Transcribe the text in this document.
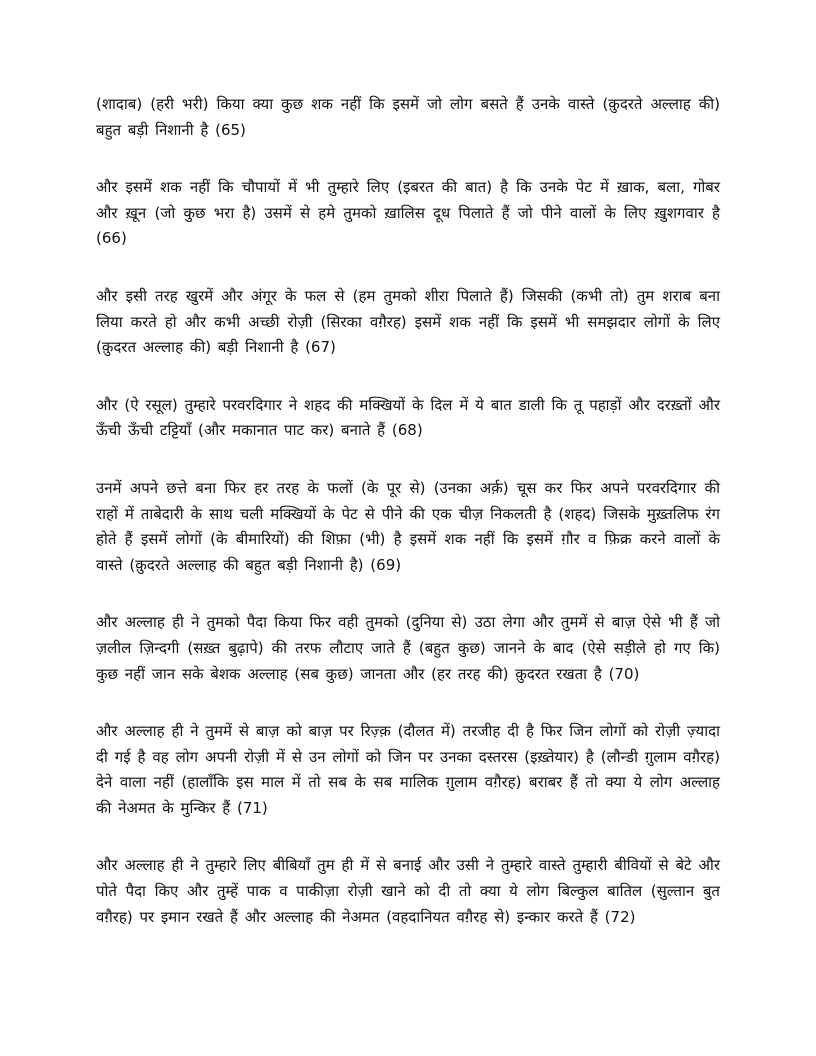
(शादाब) (हरी भरी) किया क्या कुछ शक नहीं कि इसमें जो लोग बसते हैं उनके वास्ते (क़ुदरते अल्लाह की) बहुत बड़ी निशानी है (65)

और इसमें शक नहीं कि चौपायों में भी तुम्हारे लिए (इबरत की बात) है कि उनके पेट में ख़ाक, बला, गोबर और ख़ून (जो कुछ भरा है) उसमें से हमे तुमको ख़ालिस दूध पिलाते हैं जो पीने वालों के लिए ख़ुशगवार है (66)

और इसी तरह खुरमें और अंगूर के फल से (हम तुमको शीरा पिलाते हैं) जिसकी (कभी तो) तुम शराब बना लिया करते हो और कभी अच्छी रोज़ी (सिरका वग़ैरह) इसमें शक नहीं कि इसमें भी समझदार लोगों के लिए (क़ुदरत अल्लाह की) बड़ी निशानी है (67)

और (ऐ रसूल) तुम्हारे परवरदिगार ने शहद की मक्खियों के दिल में ये बात डाली कि तू पहाड़ों और दरख़्तों और ऊँची ऊँची टट्टियाँ (और मकानात पाट कर) बनाते हैं (68)

उनमें अपने छत्ते बना फिर हर तरह के फलों (के पूर से) (उनका अर्क़) चूस कर फिर अपने परवरदिगार की राहों में ताबेदारी के साथ चली मक्खियों के पेट से पीने की एक चीज़ निकलती है (शहद) जिसके मुख़्तलिफ रंग होते हैं इसमें लोगों (के बीमारियों) की शिफ़ा (भी) है इसमें शक नहीं कि इसमें ग़ौर व फ़िक्र करने वालों के वास्ते (क़ुदरते अल्लाह की बहुत बड़ी निशानी है) (69)

और अल्लाह ही ने तुमको पैदा किया फिर वही तुमको (दुनिया से) उठा लेगा और तुममें से बाज़ ऐसे भी हैं जो ज़लील ज़िन्दगी (सख़्त बुढ़ापे) की तरफ लौटाए जाते हैं (बहुत कुछ) जानने के बाद (ऐसे सड़ीले हो गए कि) कुछ नहीं जान सके बेशक अल्लाह (सब कुछ) जानता और (हर तरह की) क़ुदरत रखता है (70)

और अल्लाह ही ने तुममें से बाज़ को बाज़ पर रिज़्क़ (दौलत में) तरजीह दी है फिर जिन लोगों को रोज़ी ज़्यादा दी गई है वह लोग अपनी रोज़ी में से उन लोगों को जिन पर उनका दस्तरस (इख़्तेयार) है (लौन्डी ग़ुलाम वग़ैरह) देने वाला नहीं (हालाँकि इस माल में तो सब के सब मालिक ग़ुलाम वग़ैरह) बराबर हैं तो क्या ये लोग अल्लाह की नेअमत के मुन्किर हैं (71)

और अल्लाह ही ने तुम्हारे लिए बीबियाँ तुम ही में से बनाई और उसी ने तुम्हारे वास्ते तुम्हारी बीवियों से बेटे और पोते पैदा किए और तुम्हें पाक व पाकीज़ा रोज़ी खाने को दी तो क्या ये लोग बिल्कुल बातिल (सुल्तान बुत वग़ैरह) पर इमान रखते हैं और अल्लाह की नेअमत (वहदानियत वग़ैरह से) इन्कार करते हैं (72)
